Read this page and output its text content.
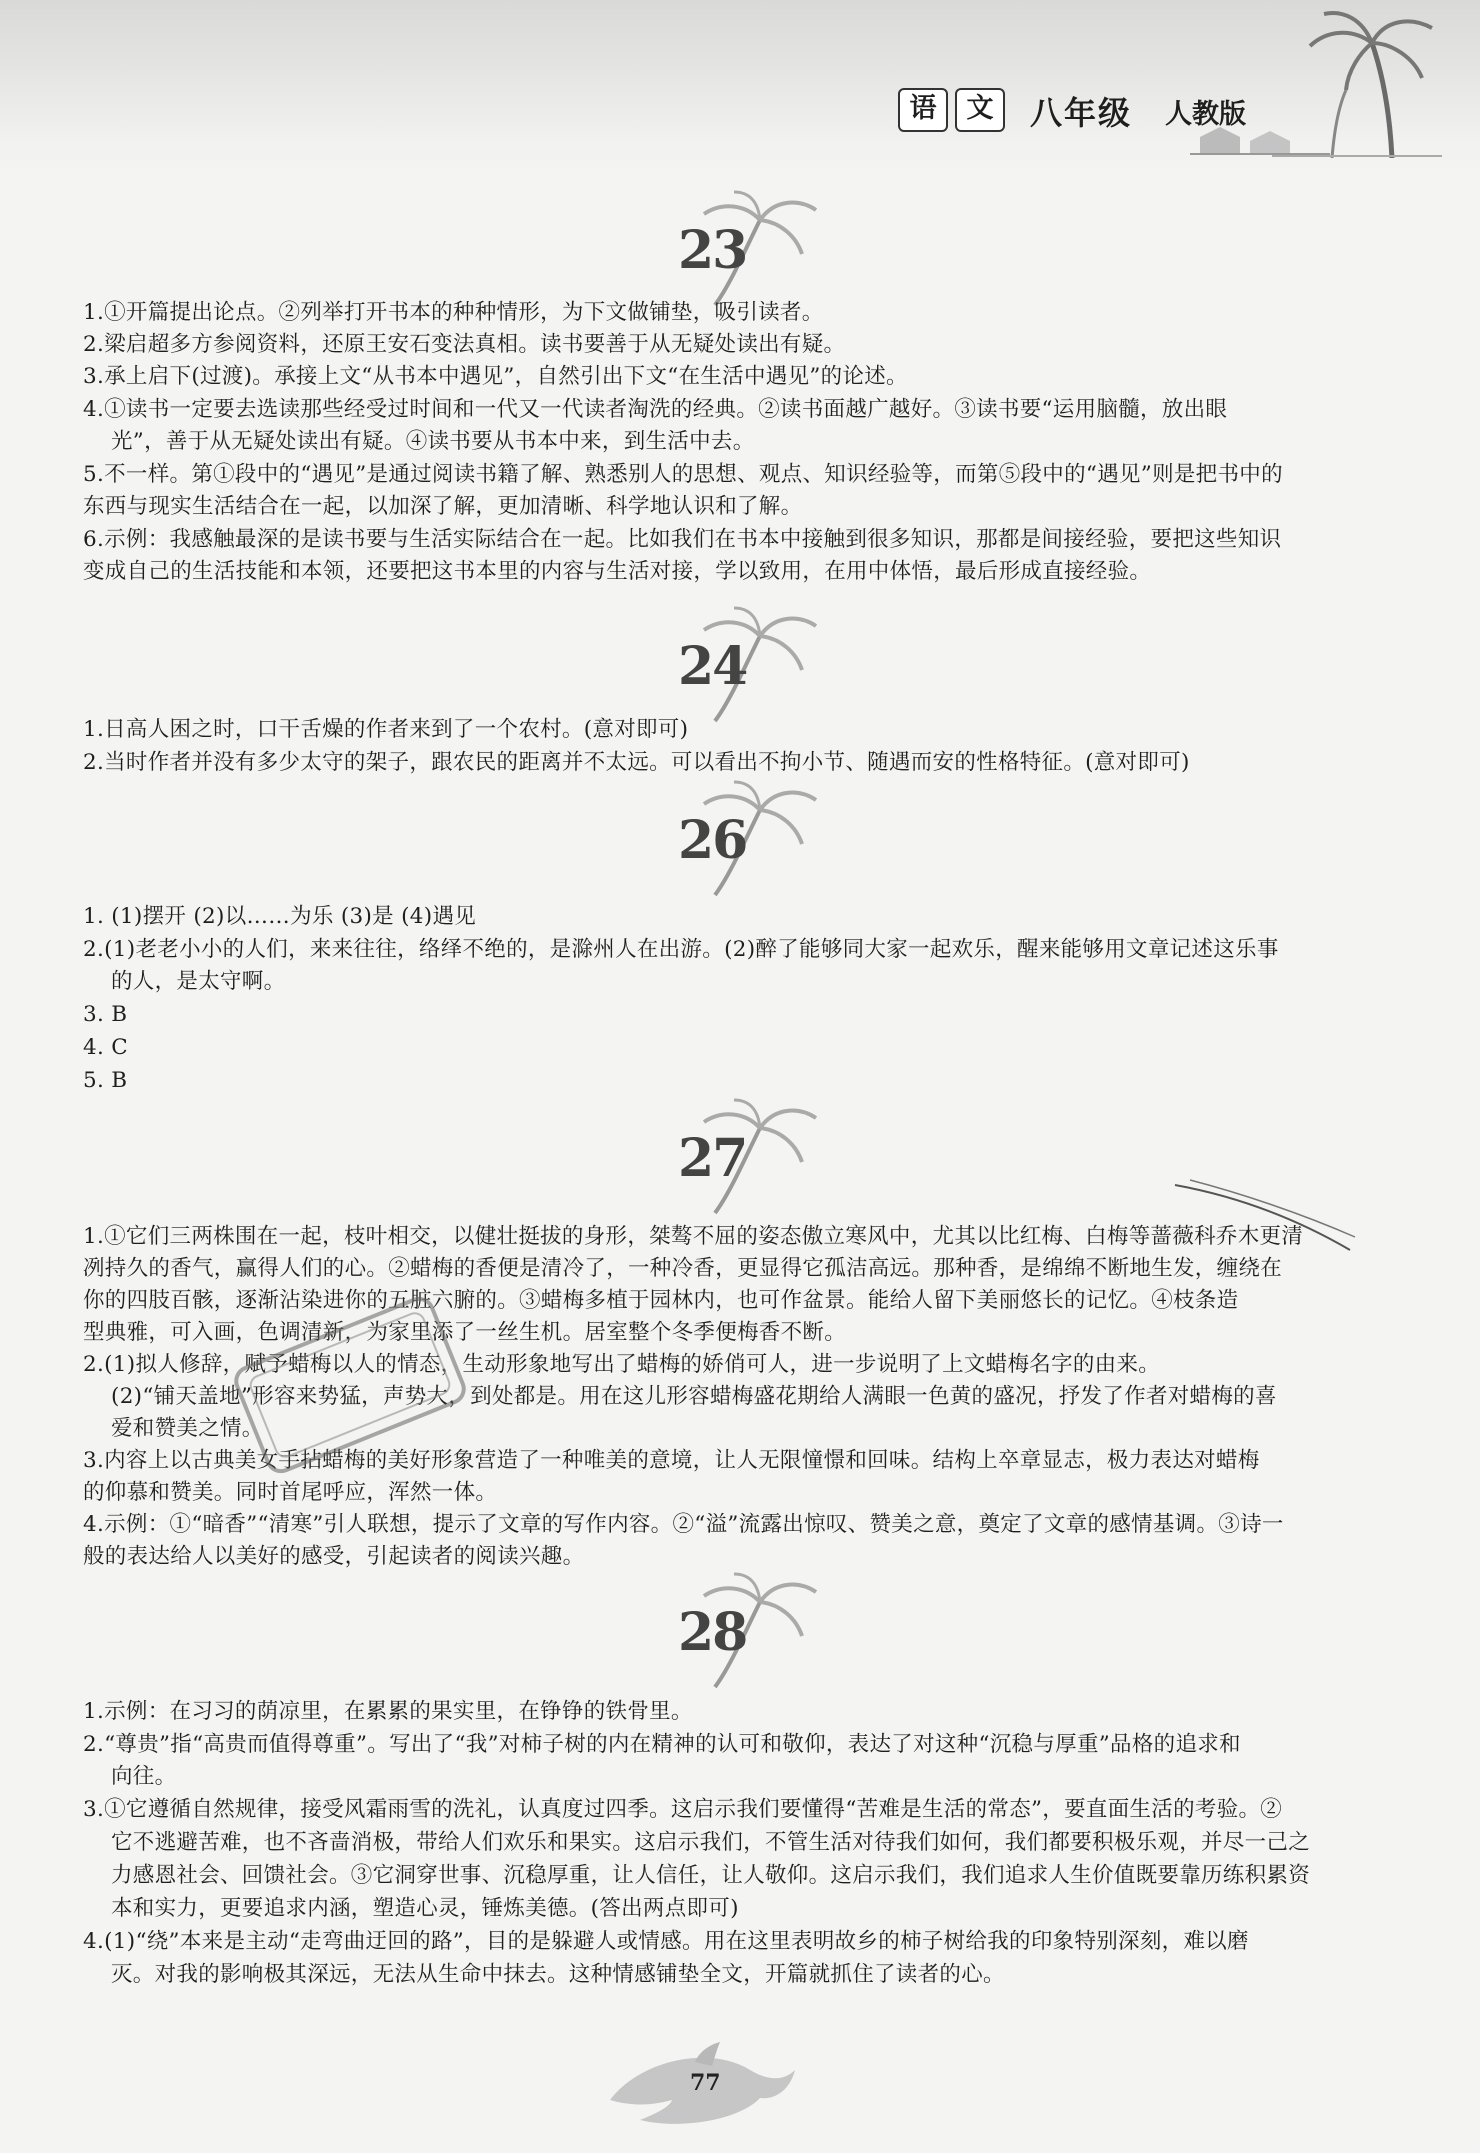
语	文	八年级 人教版
23
1.①开篇提出论点。②列举打开书本的种种情形，为下文做铺垫，吸引读者。
2.梁启超多方参阅资料，还原王安石变法真相。读书要善于从无疑处读出有疑。
3.承上启下(过渡)。承接上文“从书本中遇见”，自然引出下文“在生活中遇见”的论述。
4.①读书一定要去选读那些经受过时间和一代又一代读者淘洗的经典。②读书面越广越好。③读书要“运用脑髓，放出眼
光”，善于从无疑处读出有疑。④读书要从书本中来，到生活中去。
5.不一样。第①段中的“遇见”是通过阅读书籍了解、熟悉别人的思想、观点、知识经验等，而第⑤段中的“遇见”则是把书中的
东西与现实生活结合在一起，以加深了解，更加清晰、科学地认识和了解。
6.示例：我感触最深的是读书要与生活实际结合在一起。比如我们在书本中接触到很多知识，那都是间接经验，要把这些知识
变成自己的生活技能和本领，还要把这书本里的内容与生活对接，学以致用，在用中体悟，最后形成直接经验。
24
1.日高人困之时，口干舌燥的作者来到了一个农村。(意对即可)
2.当时作者并没有多少太守的架子，跟农民的距离并不太远。可以看出不拘小节、随遇而安的性格特征。(意对即可)
26
1. (1)摆开 (2)以……为乐 (3)是 (4)遇见
2.(1)老老小小的人们，来来往往，络绎不绝的，是滁州人在出游。(2)醉了能够同大家一起欢乐，醒来能够用文章记述这乐事
的人，是太守啊。
3. B
4. C
5. B
27
1.①它们三两株围在一起，枝叶相交，以健壮挺拔的身形，桀骜不屈的姿态傲立寒风中，尤其以比红梅、白梅等蔷薇科乔木更清
冽持久的香气，赢得人们的心。②蜡梅的香便是清冷了，一种冷香，更显得它孤洁高远。那种香，是绵绵不断地生发，缠绕在
你的四肢百骸，逐渐沾染进你的五脏六腑的。③蜡梅多植于园林内，也可作盆景。能给人留下美丽悠长的记忆。④枝条造
型典雅，可入画，色调清新，为家里添了一丝生机。居室整个冬季便梅香不断。
2.(1)拟人修辞，赋予蜡梅以人的情态，生动形象地写出了蜡梅的娇俏可人，进一步说明了上文蜡梅名字的由来。
(2)“铺天盖地”形容来势猛，声势大，到处都是。用在这儿形容蜡梅盛花期给人满眼一色黄的盛况，抒发了作者对蜡梅的喜
爱和赞美之情。
3.内容上以古典美女手拈蜡梅的美好形象营造了一种唯美的意境，让人无限憧憬和回味。结构上卒章显志，极力表达对蜡梅
的仰慕和赞美。同时首尾呼应，浑然一体。
4.示例：①“暗香”“清寒”引人联想，提示了文章的写作内容。②“溢”流露出惊叹、赞美之意，奠定了文章的感情基调。③诗一
般的表达给人以美好的感受，引起读者的阅读兴趣。
28
1.示例：在习习的荫凉里，在累累的果实里，在铮铮的铁骨里。
2.“尊贵”指“高贵而值得尊重”。写出了“我”对柿子树的内在精神的认可和敬仰，表达了对这种“沉稳与厚重”品格的追求和
向往。
3.①它遵循自然规律，接受风霜雨雪的洗礼，认真度过四季。这启示我们要懂得“苦难是生活的常态”，要直面生活的考验。②
它不逃避苦难，也不吝啬消极，带给人们欢乐和果实。这启示我们，不管生活对待我们如何，我们都要积极乐观，并尽一己之
力感恩社会、回馈社会。③它洞穿世事、沉稳厚重，让人信任，让人敬仰。这启示我们，我们追求人生价值既要靠历练积累资
本和实力，更要追求内涵，塑造心灵，锤炼美德。(答出两点即可)
4.(1)“绕”本来是主动“走弯曲迂回的路”，目的是躲避人或情感。用在这里表明故乡的柿子树给我的印象特别深刻，难以磨
灭。对我的影响极其深远，无法从生命中抹去。这种情感铺垫全文，开篇就抓住了读者的心。
77
